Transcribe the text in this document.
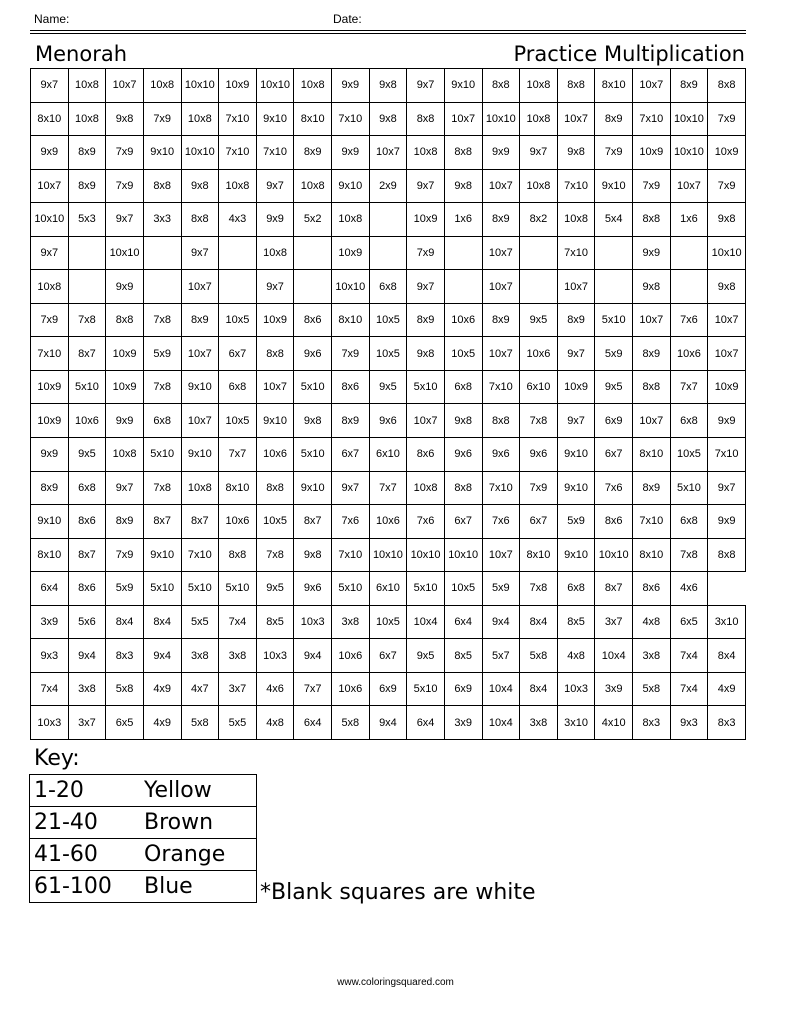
Name:	Date:
Menorah	Practice Multiplication
9x7	10x8	10x7	10x8	10x10	10x9	10x10	10x8	9x9	9x8	9x7	9x10	8x8	10x8	8x8	8x10	10x7	8x9	8x8
8x10	10x8	9x8	7x9	10x8	7x10	9x10	8x10	7x10	9x8	8x8	10x7	10x10	10x8	10x7	8x9	7x10	10x10	7x9
9x9	8x9	7x9	9x10	10x10	7x10	7x10	8x9	9x9	10x7	10x8	8x8	9x9	9x7	9x8	7x9	10x9	10x10	10x9
10x7	8x9	7x9	8x8	9x8	10x8	9x7	10x8	9x10	2x9	9x7	9x8	10x7	10x8	7x10	9x10	7x9	10x7	7x9
10x10	5x3	9x7	3x3	8x8	4x3	9x9	5x2	10x8		10x9	1x6	8x9	8x2	10x8	5x4	8x8	1x6	9x8
9x7		10x10		9x7		10x8		10x9		7x9		10x7		7x10		9x9		10x10
10x8		9x9		10x7		9x7		10x10	6x8	9x7		10x7		10x7		9x8		9x8
7x9	7x8	8x8	7x8	8x9	10x5	10x9	8x6	8x10	10x5	8x9	10x6	8x9	9x5	8x9	5x10	10x7	7x6	10x7
7x10	8x7	10x9	5x9	10x7	6x7	8x8	9x6	7x9	10x5	9x8	10x5	10x7	10x6	9x7	5x9	8x9	10x6	10x7
10x9	5x10	10x9	7x8	9x10	6x8	10x7	5x10	8x6	9x5	5x10	6x8	7x10	6x10	10x9	9x5	8x8	7x7	10x9
10x9	10x6	9x9	6x8	10x7	10x5	9x10	9x8	8x9	9x6	10x7	9x8	8x8	7x8	9x7	6x9	10x7	6x8	9x9
9x9	9x5	10x8	5x10	9x10	7x7	10x6	5x10	6x7	6x10	8x6	9x6	9x6	9x6	9x10	6x7	8x10	10x5	7x10
8x9	6x8	9x7	7x8	10x8	8x10	8x8	9x10	9x7	7x7	10x8	8x8	7x10	7x9	9x10	7x6	8x9	5x10	9x7
9x10	8x6	8x9	8x7	8x7	10x6	10x5	8x7	7x6	10x6	7x6	6x7	7x6	6x7	5x9	8x6	7x10	6x8	9x9
8x10	8x7	7x9	9x10	7x10	8x8	7x8	9x8	7x10	10x10	10x10	10x10	10x7	8x10	9x10	10x10	8x10	7x8	8x8
6x4	8x6	5x9	5x10	5x10	5x10	9x5	9x6	5x10	6x10	5x10	10x5	5x9	7x8	6x8	8x7	8x6	4x6	
3x9	5x6	8x4	8x4	5x5	7x4	8x5	10x3	3x8	10x5	10x4	6x4	9x4	8x4	8x5	3x7	4x8	6x5	3x10
9x3	9x4	8x3	9x4	3x8	3x8	10x3	9x4	10x6	6x7	9x5	8x5	5x7	5x8	4x8	10x4	3x8	7x4	8x4
7x4	3x8	5x8	4x9	4x7	3x7	4x6	7x7	10x6	6x9	5x10	6x9	10x4	8x4	10x3	3x9	5x8	7x4	4x9
10x3	3x7	6x5	4x9	5x8	5x5	4x8	6x4	5x8	9x4	6x4	3x9	10x4	3x8	3x10	4x10	8x3	9x3	8x3
Key:
1-20	Yellow
21-40 Brown
41-60 Orange
61-100 Blue	*Blank squares are white
www.coloringsquared.com
